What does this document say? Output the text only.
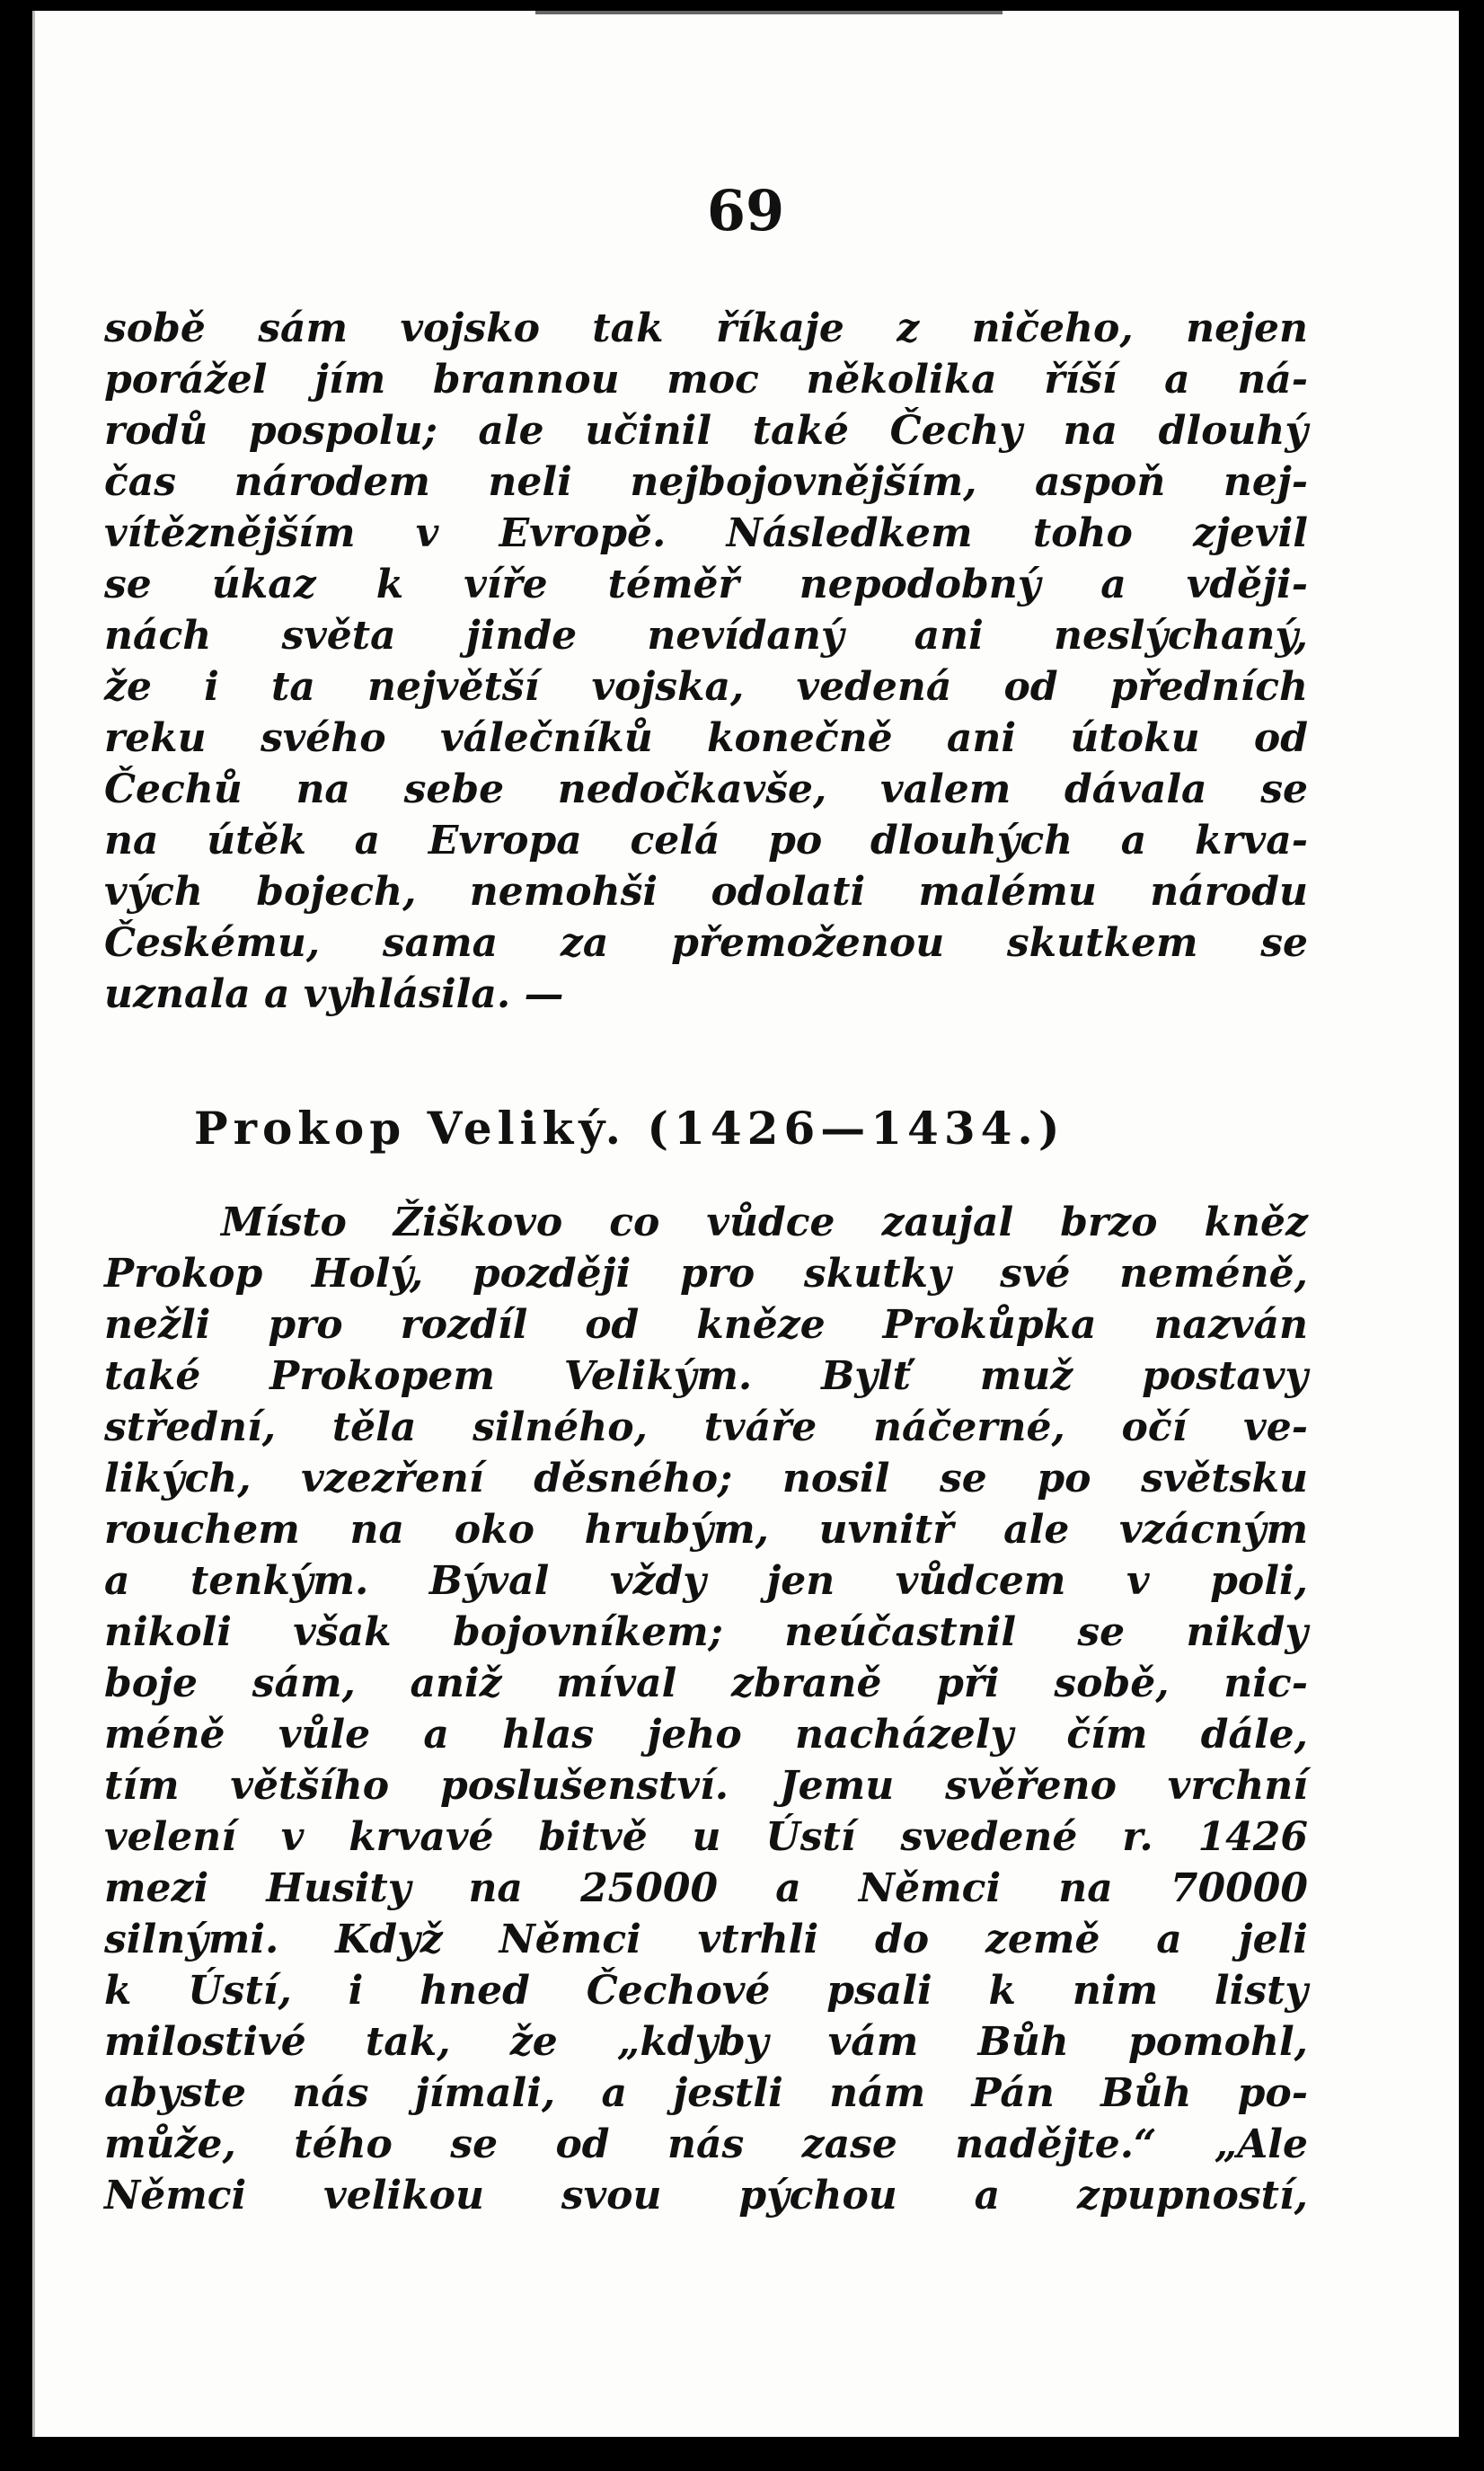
69
sobě sám vojsko tak říkaje z ničeho, nejen
porážel jím brannou moc několika říší a ná-
rodů pospolu; ale učinil také Čechy na dlouhý
čas národem neli nejbojovnějším, aspoň nej-
vítěznějším v Evropě. Následkem toho zjevil
se úkaz k víře téměř nepodobný a vději-
nách světa jinde nevídaný ani neslýchaný,
že i ta největší vojska, vedená od předních
reku svého válečníků konečně ani útoku od
Čechů na sebe nedočkavše, valem dávala se
na útěk a Evropa celá po dlouhých a krva-
vých bojech, nemohši odolati malému národu
Českému, sama za přemoženou skutkem se
uznala a vyhlásila. —
Prokop Veliký. (1426—1434.)
Místo Žiškovo co vůdce zaujal brzo kněz
Prokop Holý, později pro skutky své neméně,
nežli pro rozdíl od kněze Prokůpka nazván
také Prokopem Velikým. Bylť muž postavy
střední, těla silného, tváře náčerné, očí ve-
likých, vzezření děsného; nosil se po světsku
rouchem na oko hrubým, uvnitř ale vzácným
a tenkým. Býval vždy jen vůdcem v poli,
nikoli však bojovníkem; neúčastnil se nikdy
boje sám, aniž míval zbraně při sobě, nic-
méně vůle a hlas jeho nacházely čím dále,
tím většího poslušenství. Jemu svěřeno vrchní
velení v krvavé bitvě u Ústí svedené r. 1426
mezi Husity na 25000 a Němci na 70000
silnými. Když Němci vtrhli do země a jeli
k Ústí, i hned Čechové psali k nim listy
milostivé tak, že „kdyby vám Bůh pomohl,
abyste nás jímali, a jestli nám Pán Bůh po-
může, tého se od nás zase nadějte.“ „Ale
Němci velikou svou pýchou a zpupností,
